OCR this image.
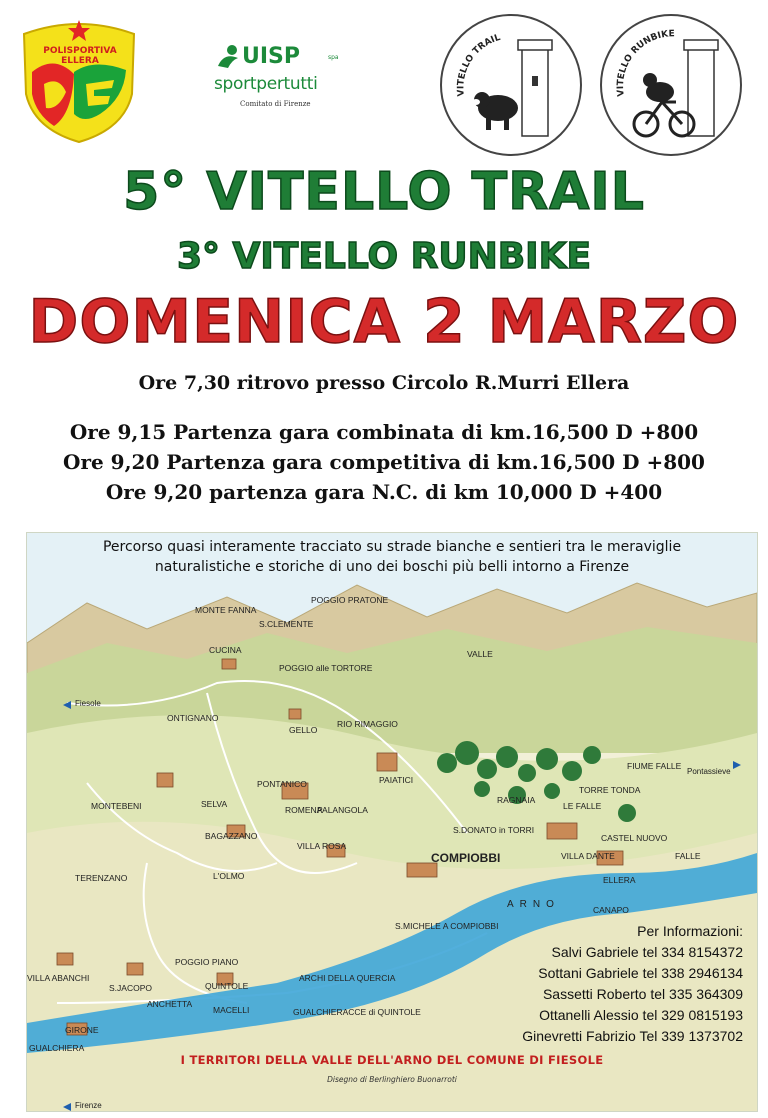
POLISPORTIVA ELLERA	UISP	spa
sportpertutti
Comitato di Firenze
VITELLO TRAIL
VITELLO RUNBIKE
5° VITELLO TRAIL
3° VITELLO RUNBIKE
DOMENICA 2 MARZO
Ore 7,30 ritrovo presso Circolo R.Murri Ellera
Ore 9,15 Partenza gara combinata di km.16,500 D +800
Ore 9,20 Partenza gara competitiva di km.16,500 D +800
Ore 9,20 partenza gara N.C. di km 10,000 D +400
Percorso quasi interamente tracciato su strade bianche e sentieri tra le meraviglie
naturalistiche e storiche di uno dei boschi più belli intorno a Firenze
MONTE FANNA
POGGIO PRATONE
S.CLEMENTE
VALLE
CUCINA
POGGIO alle TORTORE
Fiesole
ONTIGNANO
GELLO
RIO RIMAGGIO
PAIATICI
Pontassieve
FIUME FALLE
MONTEBENI	SELVA
PONTANICO
RAGNAIA
TORRE TONDA
LE FALLE
ROMENA
PALANGOLA
S.DONATO in TORRI
CASTEL NUOVO
BAGAZZANO
VILLA ROSA
COMPIOBBI	VILLA DANTE	FALLE
TERENZANO	L'OLMO	ELLERA
ARNO	CANAPO
S.MICHELE A COMPIOBBI
VILLA ABANCHI
POGGIO PIANO
S.JACOPO	QUINTOLE
ANCHETTA
MACELLI
ARCHI DELLA QUERCIA
GUALCHIERACCE di QUINTOLE
GIRONE
GUALCHIERA
Firenze
Per Informazioni:
Salvi Gabriele tel 334 8154372
Sottani Gabriele tel 338 2946134
Sassetti Roberto tel 335 364309
Ottanelli Alessio tel 329 0815193
Ginevretti Fabrizio Tel 339 1373702
I TERRITORI DELLA VALLE DELL'ARNO DEL COMUNE DI FIESOLE
Disegno di Berlinghiero Buonarroti
